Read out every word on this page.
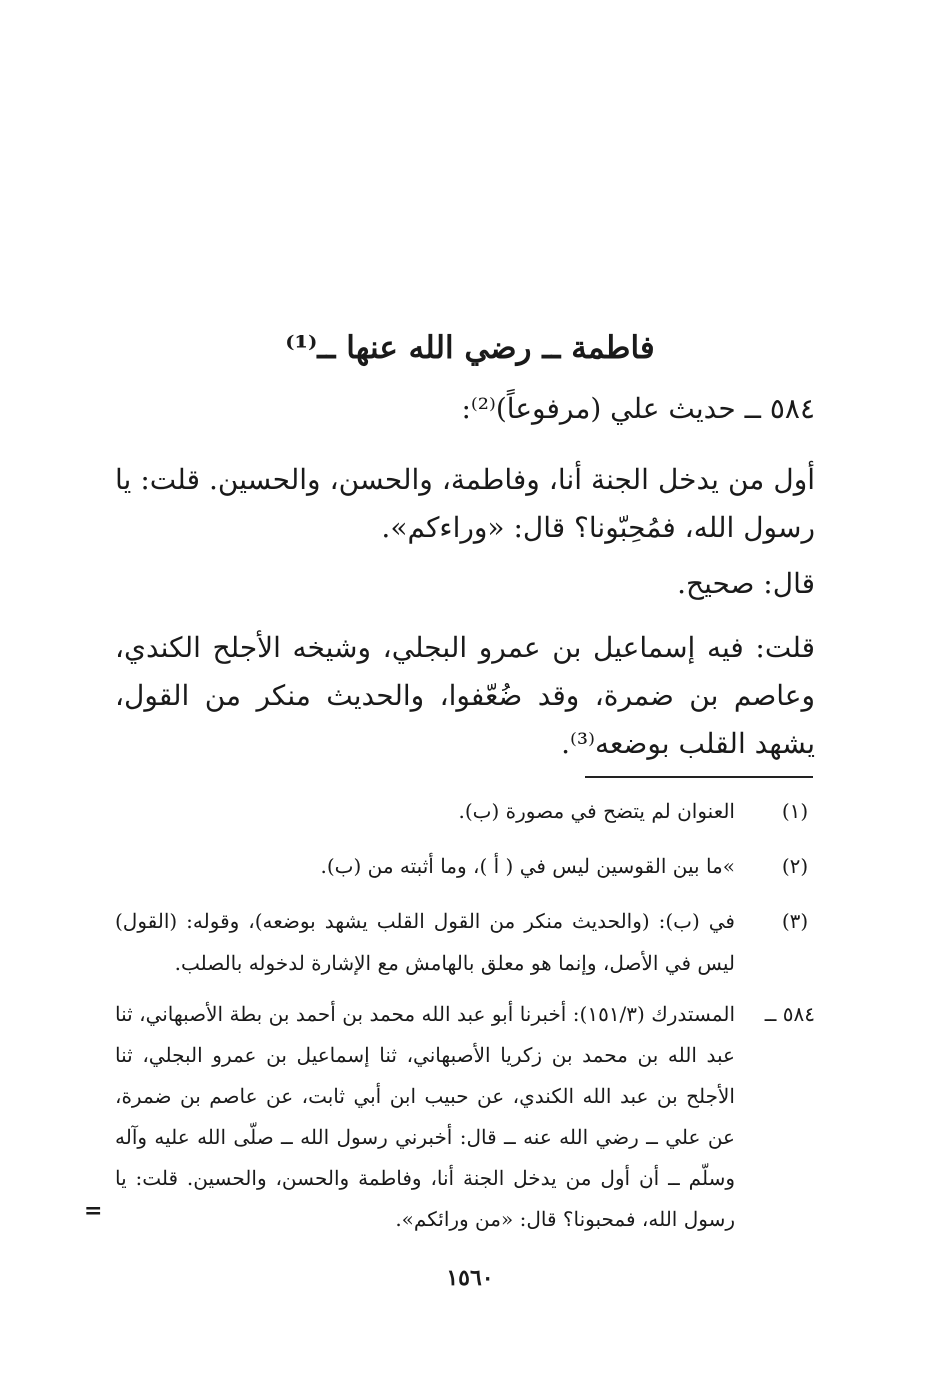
فاطمة ــ رضي الله عنها ــ⁽¹⁾
٥٨٤ ــ حديث علي (مرفوعاً)⁽²⁾:
أول من يدخل الجنة أنا، وفاطمة، والحسن، والحسين. قلت: يا رسول الله، فمُحِبّونا؟ قال: «وراءكم».
قال: صحيح.
قلت: فيه إسماعيل بن عمرو البجلي، وشيخه الأجلح الكندي، وعاصم بن ضمرة، وقد ضُعّفوا، والحديث منكر من القول، يشهد القلب بوضعه⁽³⁾.
(١)
العنوان لم يتضح في مصورة (ب).
(٢)
»ما بين القوسين ليس في ( أ )، وما أثبته من (ب).
(٣)
في (ب): (والحديث منكر من القول القلب يشهد بوضعه)، وقوله: (القول) ليس في الأصل، وإنما هو معلق بالهامش مع الإشارة لدخوله بالصلب.
٥٨٤ ــ
المستدرك (١٥١/٣): أخبرنا أبو عبد الله محمد بن أحمد بن بطة الأصبهاني، ثنا عبد الله بن محمد بن زكريا الأصبهاني، ثنا إسماعيل بن عمرو البجلي، ثنا الأجلح بن عبد الله الكندي، عن حبيب ابن أبي ثابت، عن عاصم بن ضمرة، عن علي ــ رضي الله عنه ــ قال: أخبرني رسول الله ــ صلّى الله عليه وآله وسلّم ــ أن أول من يدخل الجنة أنا، وفاطمة والحسن، والحسين. قلت: يا رسول الله، فمحبونا؟ قال: «من ورائكم».
=
١٥٦٠
